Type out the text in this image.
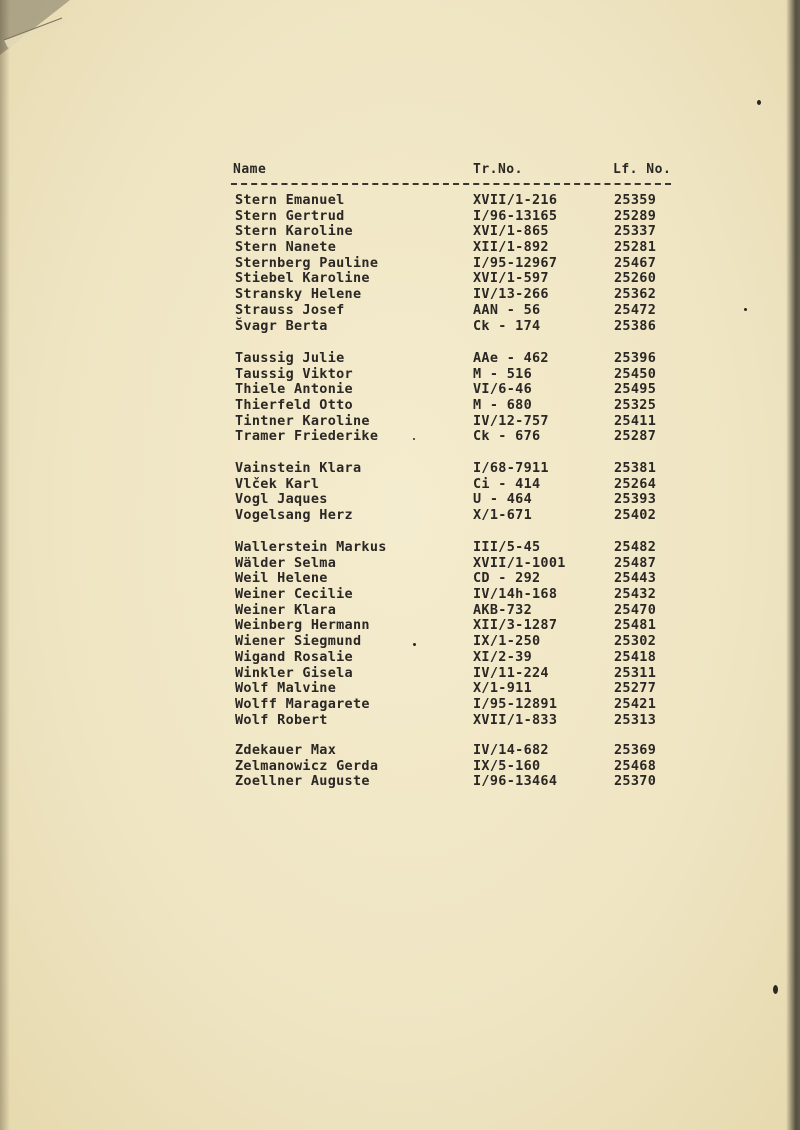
Name	Tr.No.	Lf. No.
Stern Emanuel	XVII/1-216	25359
Stern Gertrud	I/96-13165	25289
Stern Karoline	XVI/1-865	25337
Stern Nanete	XII/1-892	25281
Sternberg Pauline	I/95-12967	25467
Stiebel Karoline	XVI/1-597	25260
Stransky Helene	IV/13-266	25362
Strauss Josef	AAN - 56	25472
Švagr Berta	Ck - 174	25386
Taussig Julie	AAe - 462	25396
Taussig Viktor	M - 516	25450
Thiele Antonie	VI/6-46	25495
Thierfeld Otto	M - 680	25325
Tintner Karoline	IV/12-757	25411
Tramer Friederike	Ck - 676	25287
Vainstein Klara	I/68-7911	25381
Vlček Karl	Ci - 414	25264
Vogl Jaques	U - 464	25393
Vogelsang Herz	X/1-671	25402
Wallerstein Markus	III/5-45	25482
Wälder Selma	XVII/1-1001	25487
Weil Helene	CD - 292	25443
Weiner Cecilie	IV/14h-168	25432
Weiner Klara	AKB-732	25470
Weinberg Hermann	XII/3-1287	25481
Wiener Siegmund	IX/1-250	25302
Wigand Rosalie	XI/2-39	25418
Winkler Gisela	IV/11-224	25311
Wolf Malvine	X/1-911	25277
Wolff Maragarete	I/95-12891	25421
Wolf Robert	XVII/1-833	25313
Zdekauer Max	IV/14-682	25369
Zelmanowicz Gerda	IX/5-160	25468
Zoellner Auguste	I/96-13464	25370
